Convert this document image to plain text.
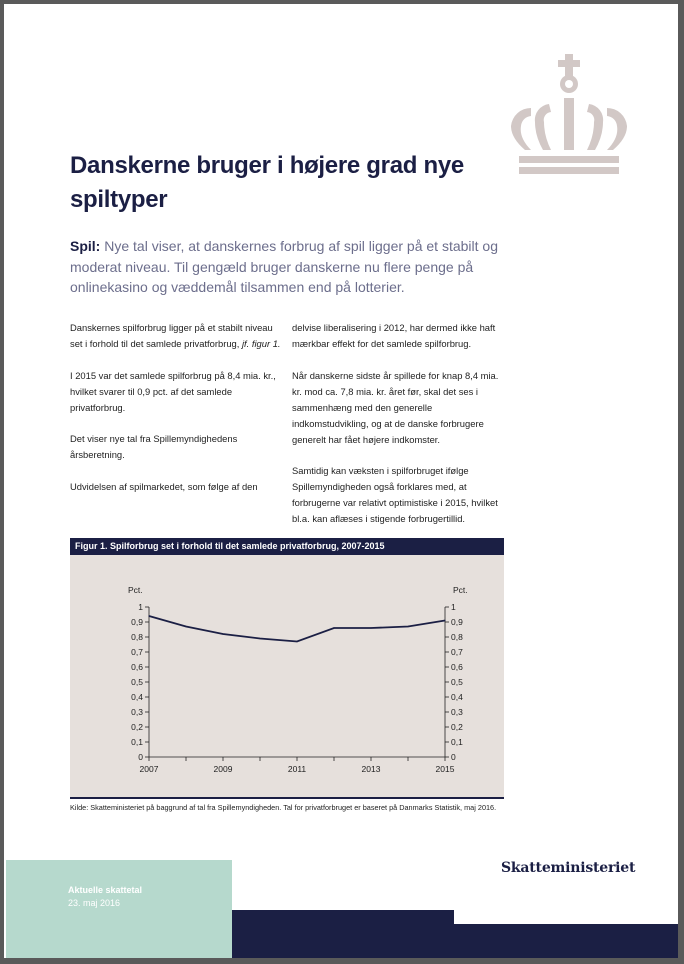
Danskerne bruger i højere grad nye spiltyper

Spil: Nye tal viser, at danskernes forbrug af spil ligger på et stabilt og moderat niveau. Til gengæld bruger danskerne nu flere penge på onlinekasino og væddemål tilsammen end på lotterier.

Danskernes spilforbrug ligger på et stabilt niveau set i forhold til det samlede privatforbrug, jf. figur 1.

I 2015 var det samlede spilforbrug på 8,4 mia. kr., hvilket svarer til 0,9 pct. af det samlede privatforbrug.

Det viser nye tal fra Spillemyndighedens årsberetning.

Udvidelsen af spilmarkedet, som følge af den

delvise liberalisering i 2012, har dermed ikke haft mærkbar effekt for det samlede spilforbrug.

Når danskerne sidste år spillede for knap 8,4 mia. kr. mod ca. 7,8 mia. kr. året før, skal det ses i sammenhæng med den generelle indkomstudvikling, og at de danske forbrugere generelt har fået højere indkomster.

Samtidig kan væksten i spilforbruget ifølge Spillemyndigheden også forklares med, at forbrugerne var relativt optimistiske i 2015, hvilket bl.a. kan aflæses i stigende forbrugertillid.

Figur 1. Spilforbrug set i forhold til det samlede privatforbrug, 2007-2015
0
0,1
0,2
0,3
0,4
0,5
0,6
0,7
0,8
0,9
1
0
0,1
0,2
0,3
0,4
0,5
0,6
0,7
0,8
0,9
1
2007	2009	2011	2013	2015
Pct.	Pct.

Kilde: Skatteministeriet på baggrund af tal fra Spillemyndigheden. Tal for privatforbruget er baseret på Danmarks Statistik, maj 2016.

Aktuelle skattetal
23. maj 2016
Skatteministeriet
